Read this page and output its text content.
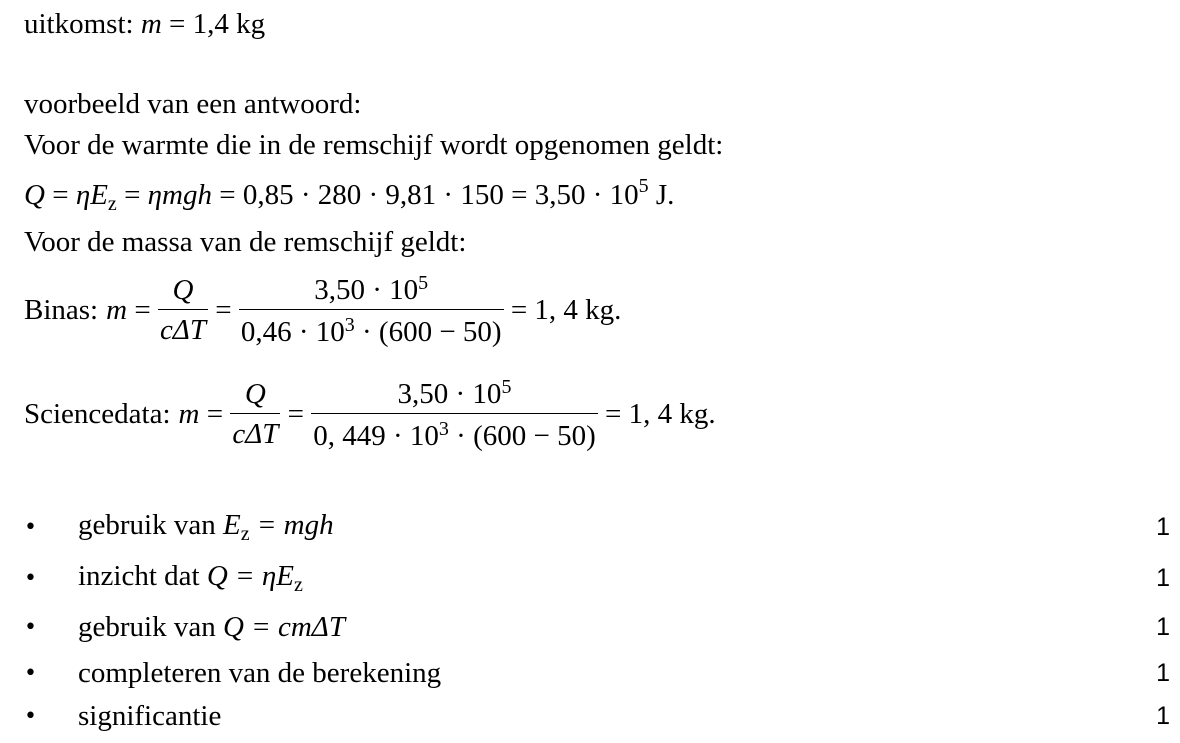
uitkomst: m = 1,4 kg
voorbeeld van een antwoord:
Voor de warmte die in de remschijf wordt opgenomen geldt:
$Q = \eta E_z = \eta mgh = 0,85 \cdot 280 \cdot 9,81 \cdot 150 = 3,50 \cdot 10^5$ J.
Voor de massa van de remschijf geldt:
Binas: $m = \frac{Q}{\text{cΔT}} = \frac{3,50 \cdot 10^5}{0,46 \cdot 10^3 \cdot (600 - 50)} = 1$, 4 kg.
Sciencedata: $m = \frac{Q}{\text{cΔT}} = \frac{3,50 \cdot 10^5}{0, 449 \cdot 10^3 \cdot (600 - 50)} = 1$, 4 kg.
•	gebruik van $E_z$ = mgh	1
•	inzicht dat $Q = \eta E_z$	1
•	gebruik van Q = cmΔT	1
•	completeren van de berekening	1
•	significantie	1
